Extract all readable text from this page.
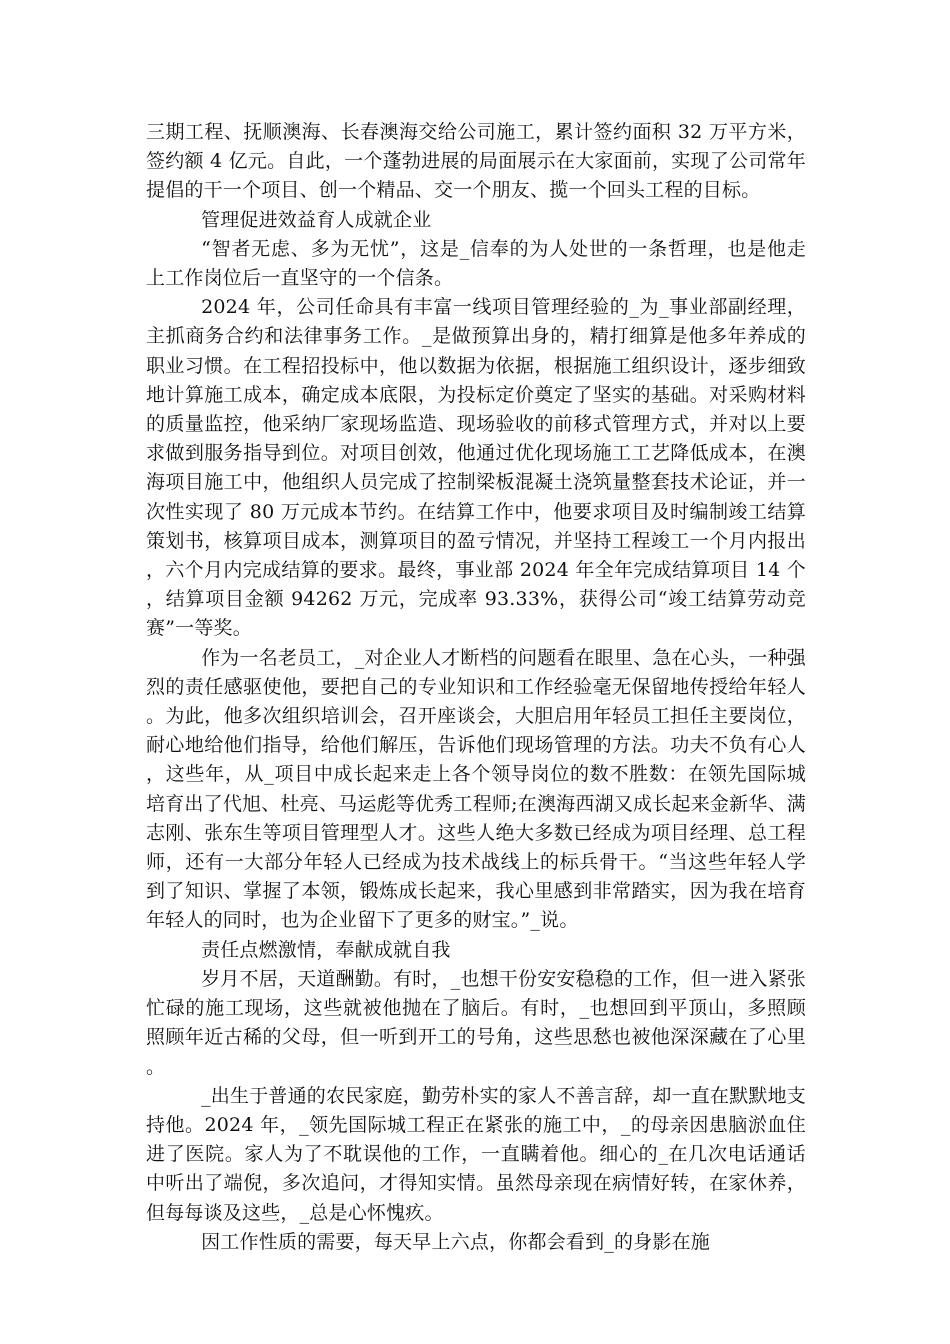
三期工程、抚顺澳海、长春澳海交给公司施工，累计签约面积 32 万平方米，签约额 4 亿元。自此，一个蓬勃进展的局面展示在大家面前，实现了公司常年提倡的干一个项目、创一个精品、交一个朋友、揽一个回头工程的目标。

管理促进效益育人成就企业

“智者无虑、多为无忧”，这是_信奉的为人处世的一条哲理，也是他走上工作岗位后一直坚守的一个信条。

2024 年，公司任命具有丰富一线项目管理经验的_为_事业部副经理，主抓商务合约和法律事务工作。_是做预算出身的，精打细算是他多年养成的职业习惯。在工程招投标中，他以数据为依据，根据施工组织设计，逐步细致地计算施工成本，确定成本底限，为投标定价奠定了坚实的基础。对采购材料的质量监控，他采纳厂家现场监造、现场验收的前移式管理方式，并对以上要求做到服务指导到位。对项目创效，他通过优化现场施工工艺降低成本，在澳海项目施工中，他组织人员完成了控制梁板混凝土浇筑量整套技术论证，并一次性实现了 80 万元成本节约。在结算工作中，他要求项目及时编制竣工结算策划书，核算项目成本，测算项目的盈亏情况，并坚持工程竣工一个月内报出，六个月内完成结算的要求。最终，事业部 2024 年全年完成结算项目 14 个，结算项目金额 94262 万元，完成率 93.33%，获得公司“竣工结算劳动竞赛”一等奖。

作为一名老员工，_对企业人才断档的问题看在眼里、急在心头，一种强烈的责任感驱使他，要把自己的专业知识和工作经验毫无保留地传授给年轻人。为此，他多次组织培训会，召开座谈会，大胆启用年轻员工担任主要岗位，耐心地给他们指导，给他们解压，告诉他们现场管理的方法。功夫不负有心人，这些年，从_项目中成长起来走上各个领导岗位的数不胜数：在领先国际城培育出了代旭、杜亮、马运彪等优秀工程师;在澳海西湖又成长起来金新华、满志刚、张东生等项目管理型人才。这些人绝大多数已经成为项目经理、总工程师，还有一大部分年轻人已经成为技术战线上的标兵骨干。“当这些年轻人学到了知识、掌握了本领，锻炼成长起来，我心里感到非常踏实，因为我在培育年轻人的同时，也为企业留下了更多的财宝。”_说。

责任点燃激情，奉献成就自我

岁月不居，天道酬勤。有时，_也想干份安安稳稳的工作，但一进入紧张忙碌的施工现场，这些就被他抛在了脑后。有时，_也想回到平顶山，多照顾照顾年近古稀的父母，但一听到开工的号角，这些思愁也被他深深藏在了心里。

_出生于普通的农民家庭，勤劳朴实的家人不善言辞，却一直在默默地支持他。2024 年，_领先国际城工程正在紧张的施工中，_的母亲因患脑淤血住进了医院。家人为了不耽误他的工作，一直瞒着他。细心的_在几次电话通话中听出了端倪，多次追问，才得知实情。虽然母亲现在病情好转，在家休养，但每每谈及这些，_总是心怀愧疚。

因工作性质的需要，每天早上六点，你都会看到_的身影在施
